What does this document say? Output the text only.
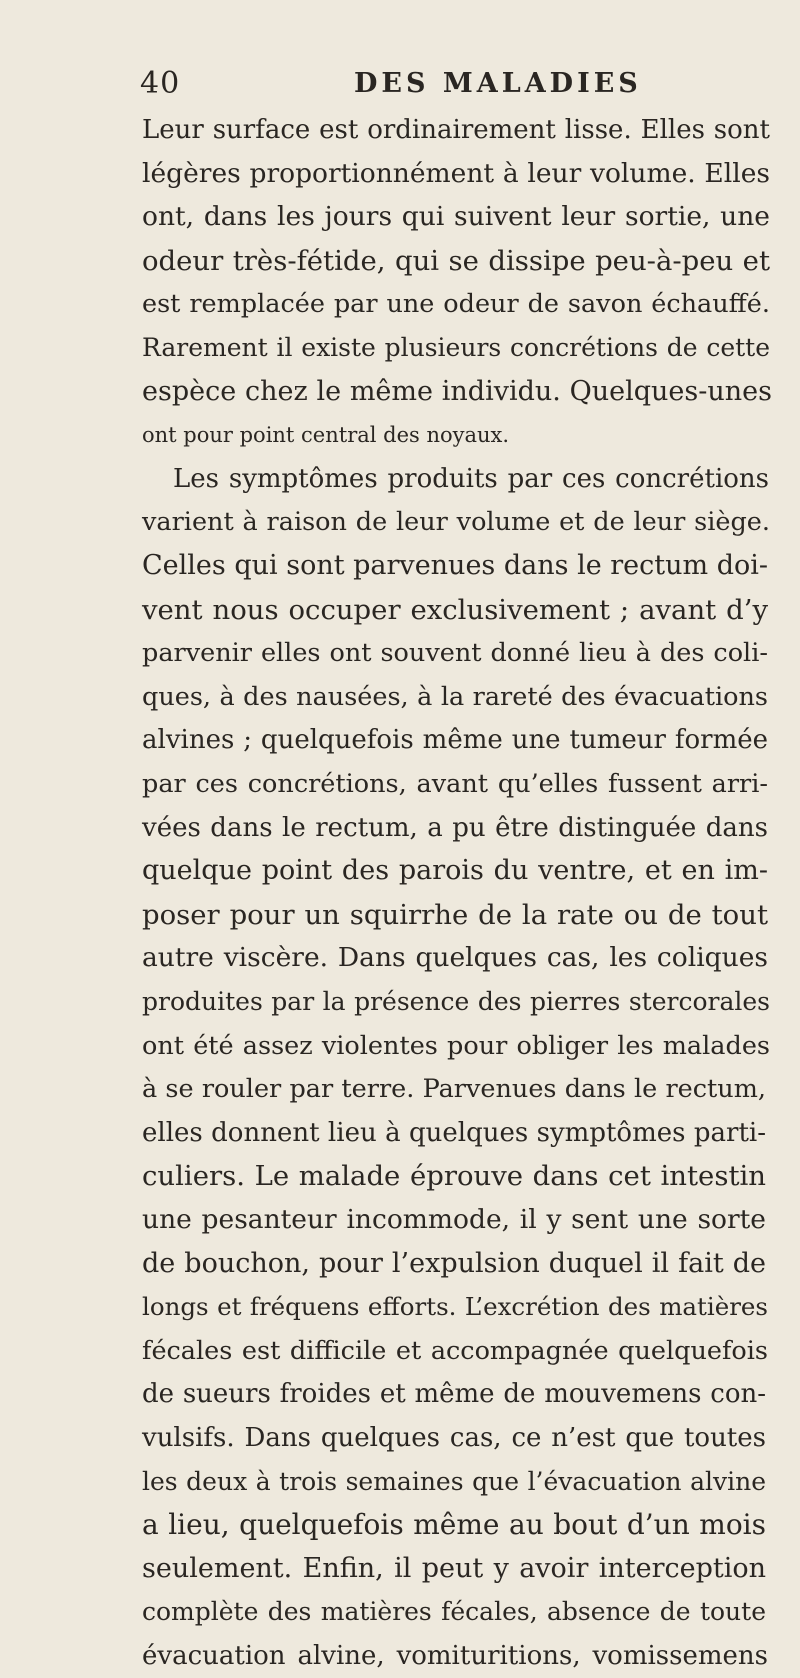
40	DES MALADIES
Leur surface est ordinairement lisse. Elles sont
légères proportionnément à leur volume. Elles
ont, dans les jours qui suivent leur sortie, une
odeur très-fétide, qui se dissipe peu-à-peu et
est remplacée par une odeur de savon échauffé.
Rarement il existe plusieurs concrétions de cette
espèce chez le même individu. Quelques-unes
ont pour point central des noyaux.
Les symptômes produits par ces concrétions
varient à raison de leur volume et de leur siège.
Celles qui sont parvenues dans le rectum doi-
vent nous occuper exclusivement ; avant d’y
parvenir elles ont souvent donné lieu à des coli-
ques, à des nausées, à la rareté des évacuations
alvines ; quelquefois même une tumeur formée
par ces concrétions, avant qu’elles fussent arri-
vées dans le rectum, a pu être distinguée dans
quelque point des parois du ventre, et en im-
poser pour un squirrhe de la rate ou de tout
autre viscère. Dans quelques cas, les coliques
produites par la présence des pierres stercorales
ont été assez violentes pour obliger les malades
à se rouler par terre. Parvenues dans le rectum,
elles donnent lieu à quelques symptômes parti-
culiers. Le malade éprouve dans cet intestin
une pesanteur incommode, il y sent une sorte
de bouchon, pour l’expulsion duquel il fait de
longs et fréquens efforts. L’excrétion des matières
fécales est difficile et accompagnée quelquefois
de sueurs froides et même de mouvemens con-
vulsifs. Dans quelques cas, ce n’est que toutes
les deux à trois semaines que l’évacuation alvine
a lieu, quelquefois même au bout d’un mois
seulement. Enfin, il peut y avoir interception
complète des matières fécales, absence de toute
évacuation alvine, vomituritions, vomissemens
